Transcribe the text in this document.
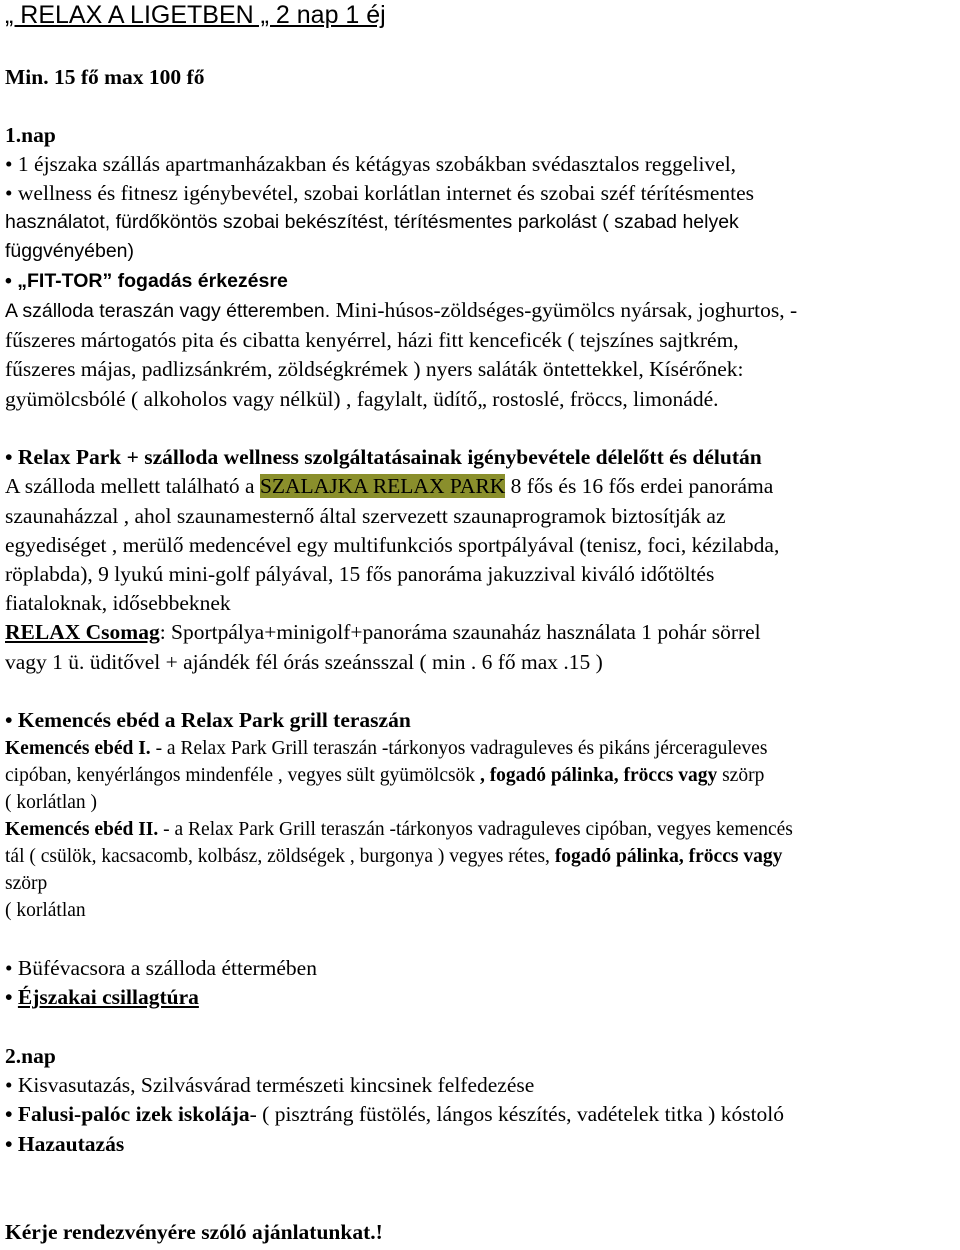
„ RELAX A LIGETBEN „ 2 nap 1 éj
Min. 15 fő max 100 fő
1.nap
• 1 éjszaka szállás apartmanházakban és kétágyas szobákban svédasztalos reggelivel,
• wellness és fitnesz igénybevétel, szobai korlátlan internet és szobai széf térítésmentes
használatot, fürdőköntös szobai bekészítést, térítésmentes parkolást ( szabad helyek
függvényében)
• „FIT-TOR” fogadás érkezésre
A szálloda teraszán vagy étteremben. Mini-húsos-zöldséges-gyümölcs nyársak, joghurtos, -
fűszeres mártogatós pita és cibatta kenyérrel, házi fitt kenceficék ( tejszínes sajtkrém,
fűszeres májas, padlizsánkrém, zöldségkrémek ) nyers saláták öntettekkel, Kísérőnek:
gyümölcsbólé ( alkoholos vagy nélkül) , fagylalt, üdítő„ rostoslé, fröccs, limonádé.
• Relax Park + szálloda wellness szolgáltatásainak igénybevétele délelőtt és délután
A szálloda mellett található a SZALAJKA RELAX PARK 8 fős és 16 fős erdei panoráma
szaunaházzal , ahol szaunamesternő által szervezett szaunaprogramok biztosítják az
egyediséget , merülő medencével egy multifunkciós sportpályával (tenisz, foci, kézilabda,
röplabda), 9 lyukú mini-golf pályával, 15 fős panoráma jakuzzival kiváló időtöltés
fiataloknak, idősebbeknek
RELAX Csomag: Sportpálya+minigolf+panoráma szaunaház használata 1 pohár sörrel
vagy 1 ü. üditővel + ajándék fél órás szeánsszal ( min . 6 fő max .15 )
• Kemencés ebéd a Relax Park grill teraszán
Kemencés ebéd I. - a Relax Park Grill teraszán -tárkonyos vadraguleves és pikáns jérceraguleves
cipóban, kenyérlángos mindenféle , vegyes sült gyümölcsök , fogadó pálinka, fröccs vagy szörp
( korlátlan )
Kemencés ebéd II. - a Relax Park Grill teraszán -tárkonyos vadraguleves cipóban, vegyes kemencés
tál ( csülök, kacsacomb, kolbász, zöldségek , burgonya ) vegyes rétes, fogadó pálinka, fröccs vagy
szörp
( korlátlan
• Büfévacsora a szálloda éttermében
• Éjszakai csillagtúra
2.nap
• Kisvasutazás, Szilvásvárad természeti kincsinek felfedezése
• Falusi-palóc izek iskolája- ( pisztráng füstölés, lángos készítés, vadételek titka ) kóstoló
• Hazautazás
Kérje rendezvényére szóló ajánlatunkat.!
